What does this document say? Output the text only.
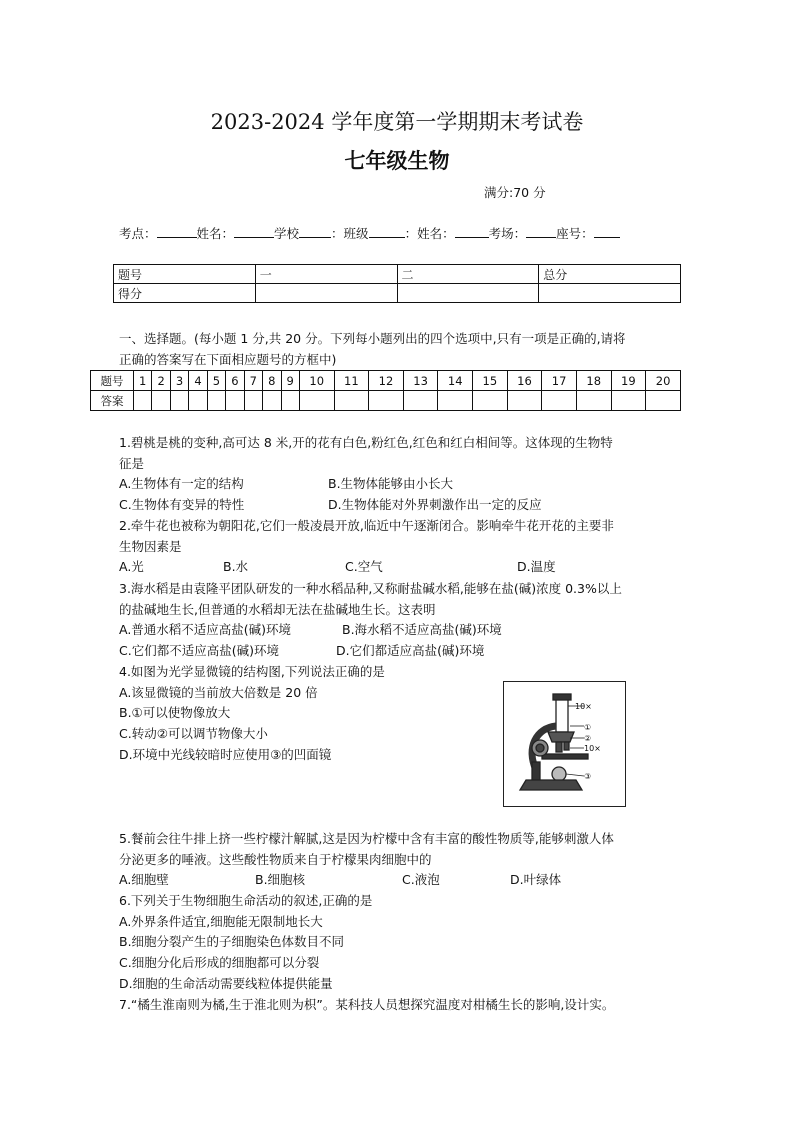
2023-2024 学年度第一学期期末考试卷
七年级生物
满分:70 分
考点：	姓名：	学校	：班级	：姓名：	考场： 座号：
题号	一	二	总分
得分			
一、选择题。(每小题 1 分,共 20 分。下列每小题列出的四个选项中,只有一项是正确的,请将
正确的答案写在下面相应题号的方框中)
题号	1	2	3	4	5	6	7	8	9	10	11	12	13	14	15	16	17	18	19	20
答案																				
1.碧桃是桃的变种,高可达 8 米,开的花有白色,粉红色,红色和红白相间等。这体现的生物特
征是
A.生物体有一定的结构	B.生物体能够由小长大
C.生物体有变异的特性	D.生物体能对外界刺激作出一定的反应
2.牵牛花也被称为朝阳花,它们一般凌晨开放,临近中午逐渐闭合。影响牵牛花开花的主要非
生物因素是
A.光	B.水	C.空气	D.温度
3.海水稻是由袁隆平团队研发的一种水稻品种,又称耐盐碱水稻,能够在盐(碱)浓度 0.3%以上
的盐碱地生长,但普通的水稻却无法在盐碱地生长。这表明
A.普通水稻不适应高盐(碱)环境	B.海水稻不适应高盐(碱)环境
C.它们都不适应高盐(碱)环境	D.它们都适应高盐(碱)环境
4.如图为光学显微镜的结构图,下列说法正确的是
A.该显微镜的当前放大倍数是 20 倍
B.①可以使物像放大
C.转动②可以调节物像大小
D.环境中光线较暗时应使用③的凹面镜
10×
①
②
10×
③
5.餐前会往牛排上挤一些柠檬汁解腻,这是因为柠檬中含有丰富的酸性物质等,能够刺激人体
分泌更多的唾液。这些酸性物质来自于柠檬果肉细胞中的
A.细胞壁	B.细胞核	C.液泡	D.叶绿体
6.下列关于生物细胞生命活动的叙述,正确的是
A.外界条件适宜,细胞能无限制地长大
B.细胞分裂产生的子细胞染色体数目不同
C.细胞分化后形成的细胞都可以分裂
D.细胞的生命活动需要线粒体提供能量
7.“橘生淮南则为橘,生于淮北则为枳”。某科技人员想探究温度对柑橘生长的影响,设计实。
